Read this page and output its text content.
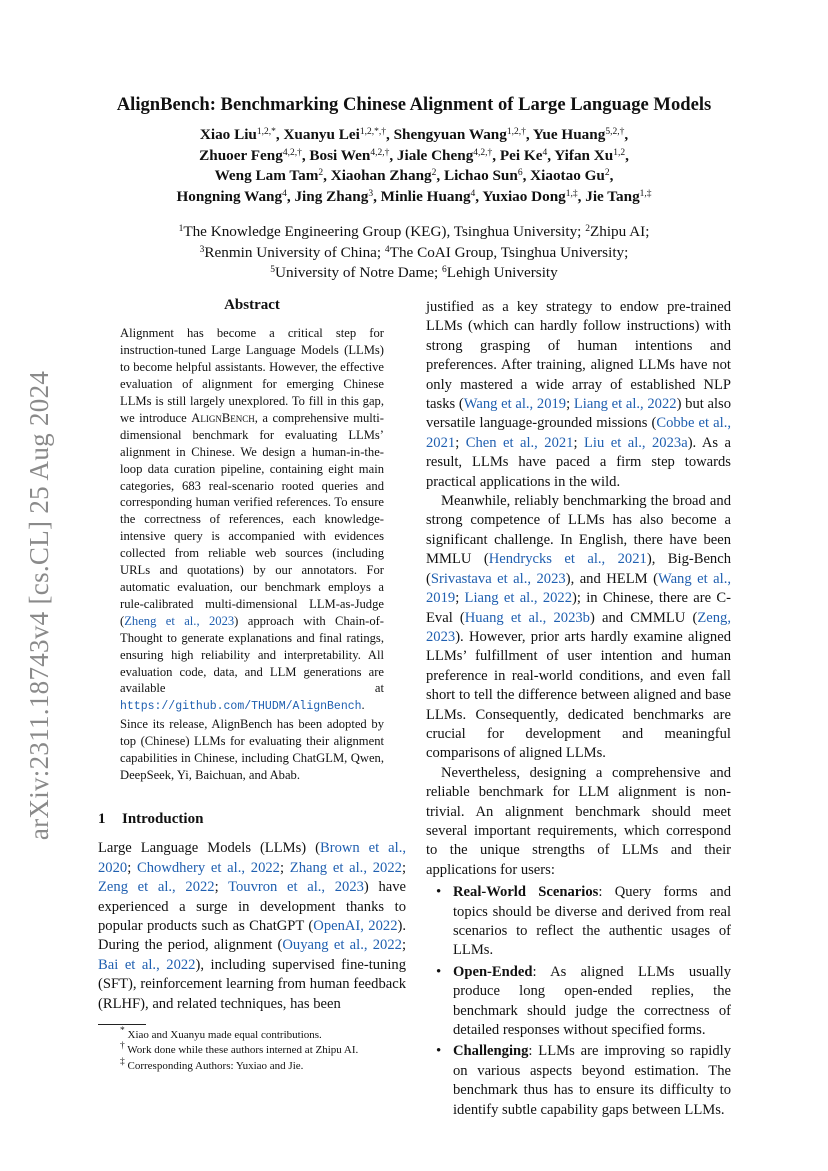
arXiv:2311.18743v4 [cs.CL] 25 Aug 2024
AlignBench: Benchmarking Chinese Alignment of Large Language Models
Xiao Liu$^{1,2,*}$, Xuanyu Lei$^{1,2,*,\dagger}$, Shengyuan Wang$^{1,2,\dagger}$, Yue Huang$^{5,2,\dagger}$,
Zhuoer Feng$^{4,2,\dagger}$, Bosi Wen$^{4,2,\dagger}$, Jiale Cheng$^{4,2,\dagger}$, Pei Ke$^4$, Yifan Xu$^{1,2}$,
Weng Lam Tam$^2$, Xiaohan Zhang$^2$, Lichao Sun$^6$, Xiaotao Gu$^2$,
Hongning Wang$^4$, Jing Zhang$^3$, Minlie Huang$^4$, Yuxiao Dong$^{1,\ddagger}$, Jie Tang$^{1,\ddagger}$
$^1$The Knowledge Engineering Group (KEG), Tsinghua University; $^2$Zhipu AI;
$^3$Renmin University of China; $^4$The CoAI Group, Tsinghua University;
$^5$University of Notre Dame; $^6$Lehigh University
Abstract

Alignment has become a critical step for instruction-tuned Large Language Models (LLMs) to become helpful assistants. However, the effective evaluation of alignment for emerging Chinese LLMs is still largely unexplored. To fill in this gap, we introduce AlignBench, a comprehensive multi-dimensional benchmark for evaluating LLMs’ alignment in Chinese. We design a human-in-the-loop data curation pipeline, containing eight main categories, 683 real-scenario rooted queries and corresponding human verified references. To ensure the correctness of references, each knowledge-intensive query is accompanied with evidences collected from reliable web sources (including URLs and quotations) by our annotators. For automatic evaluation, our benchmark employs a rule-calibrated multi-dimensional LLM-as-Judge (Zheng et al., 2023) approach with Chain-of-Thought to generate explanations and final ratings, ensuring high reliability and interpretability. All evaluation code, data, and LLM generations are available at https://github.com/THUDM/AlignBench. Since its release, AlignBench has been adopted by top (Chinese) LLMs for evaluating their alignment capabilities in Chinese, including ChatGLM, Qwen, DeepSeek, Yi, Baichuan, and Abab.

1 Introduction

Large Language Models (LLMs) (Brown et al., 2020; Chowdhery et al., 2022; Zhang et al., 2022; Zeng et al., 2022; Touvron et al., 2023) have experienced a surge in development thanks to popular products such as ChatGPT (OpenAI, 2022). During the period, alignment (Ouyang et al., 2022; Bai et al., 2022), including supervised fine-tuning (SFT), reinforcement learning from human feedback (RLHF), and related techniques, has been

* Xiao and Xuanyu made equal contributions.
† Work done while these authors interned at Zhipu AI.
‡ Corresponding Authors: Yuxiao and Jie.

justified as a key strategy to endow pre-trained LLMs (which can hardly follow instructions) with strong grasping of human intentions and preferences. After training, aligned LLMs have not only mastered a wide array of established NLP tasks (Wang et al., 2019; Liang et al., 2022) but also versatile language-grounded missions (Cobbe et al., 2021; Chen et al., 2021; Liu et al., 2023a). As a result, LLMs have paced a firm step towards practical applications in the wild.

Meanwhile, reliably benchmarking the broad and strong competence of LLMs has also become a significant challenge. In English, there have been MMLU (Hendrycks et al., 2021), Big-Bench (Srivastava et al., 2023), and HELM (Wang et al., 2019; Liang et al., 2022); in Chinese, there are C-Eval (Huang et al., 2023b) and CMMLU (Zeng, 2023). However, prior arts hardly examine aligned LLMs’ fulfillment of user intention and human preference in real-world conditions, and even fall short to tell the difference between aligned and base LLMs. Consequently, dedicated benchmarks are crucial for development and meaningful comparisons of aligned LLMs.

Nevertheless, designing a comprehensive and reliable benchmark for LLM alignment is non-trivial. An alignment benchmark should meet several important requirements, which correspond to the unique strengths of LLMs and their applications for users:

• Real-World Scenarios: Query forms and topics should be diverse and derived from real scenarios to reflect the authentic usages of LLMs.
• Open-Ended: As aligned LLMs usually produce long open-ended replies, the benchmark should judge the correctness of detailed responses without specified forms.
• Challenging: LLMs are improving so rapidly on various aspects beyond estimation. The benchmark thus has to ensure its difficulty to identify subtle capability gaps between LLMs.
